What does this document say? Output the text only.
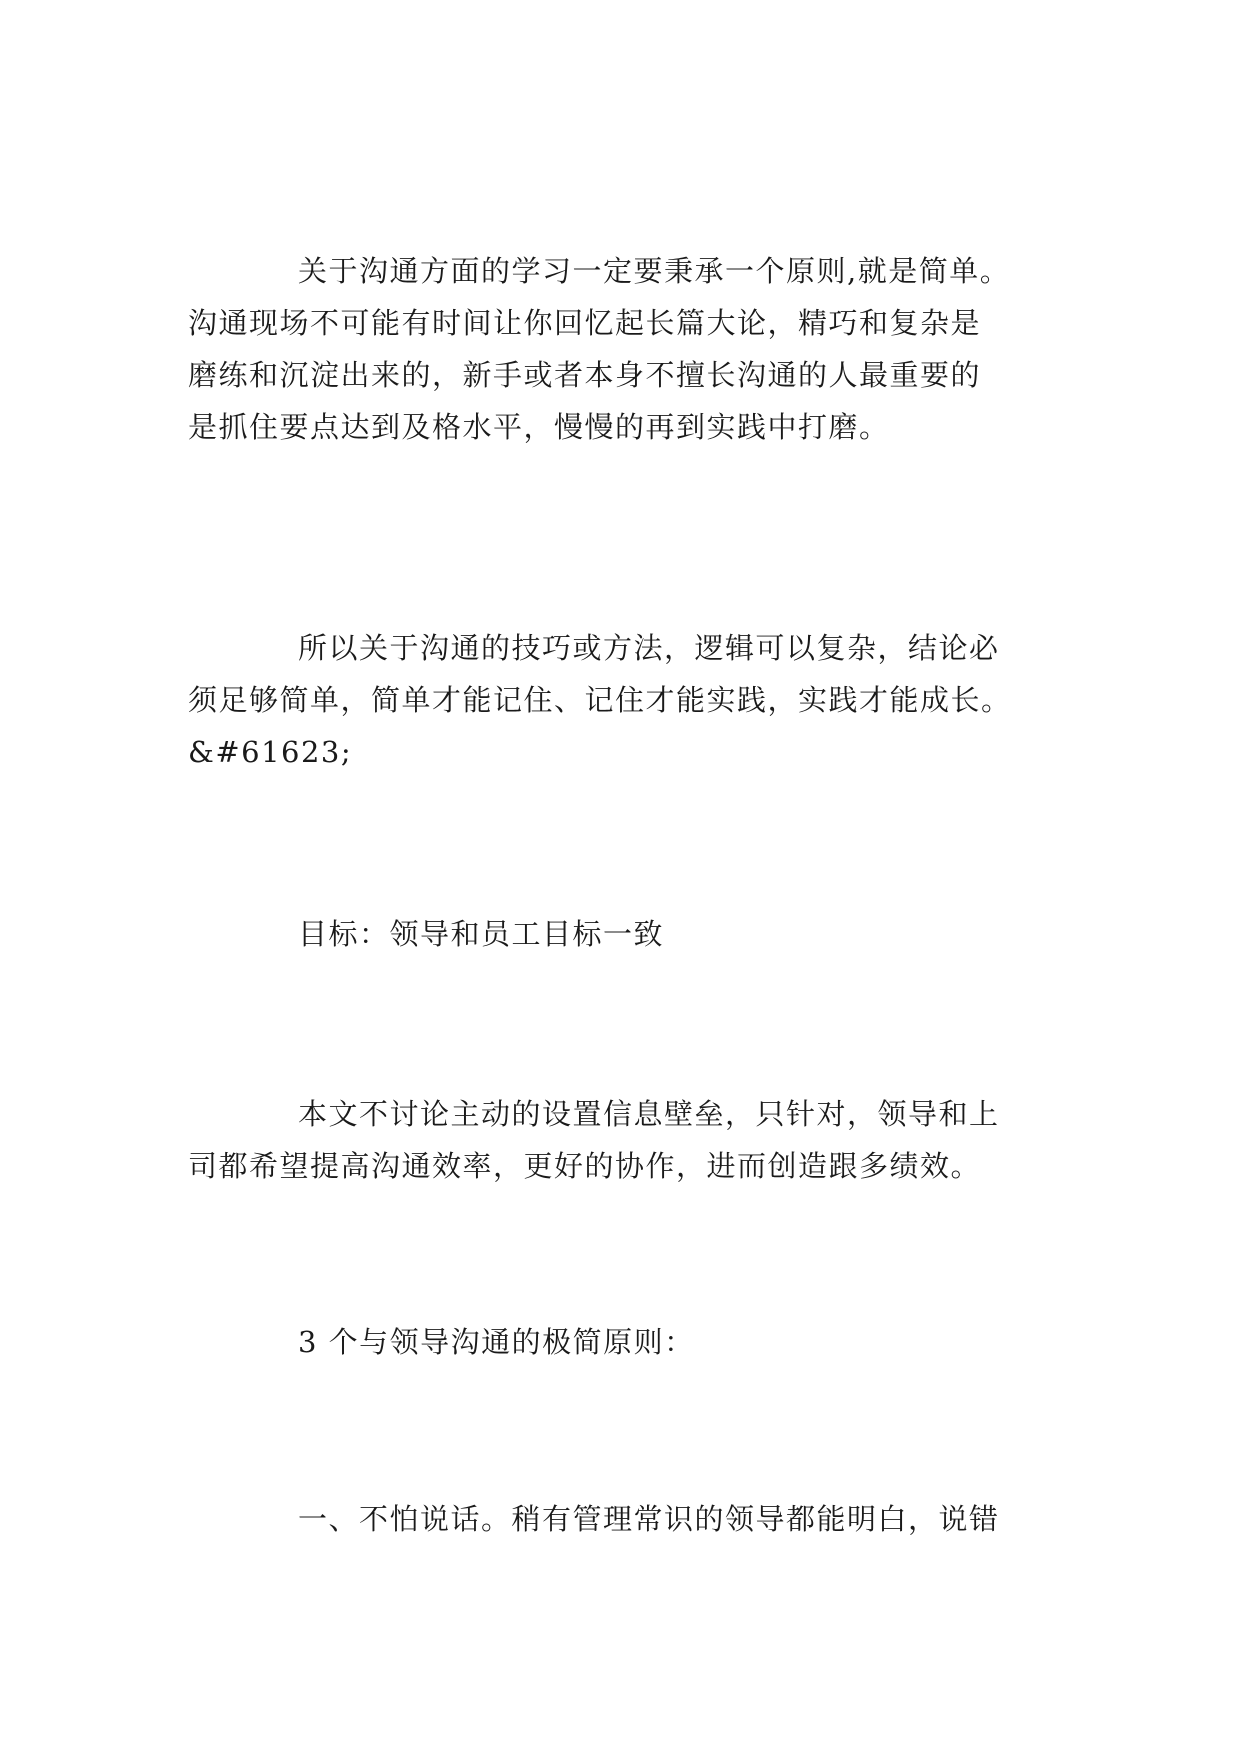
关于沟通方面的学习一定要秉承一个原则,就是简单。
沟通现场不可能有时间让你回忆起长篇大论，精巧和复杂是
磨练和沉淀出来的，新手或者本身不擅长沟通的人最重要的
是抓住要点达到及格水平，慢慢的再到实践中打磨。
所以关于沟通的技巧或方法，逻辑可以复杂，结论必
须足够简单，简单才能记住、记住才能实践，实践才能成长。
&#61623;
目标：领导和员工目标一致
本文不讨论主动的设置信息壁垒，只针对，领导和上
司都希望提高沟通效率，更好的协作，进而创造跟多绩效。
3 个与领导沟通的极简原则：
一、不怕说话。稍有管理常识的领导都能明白，说错
